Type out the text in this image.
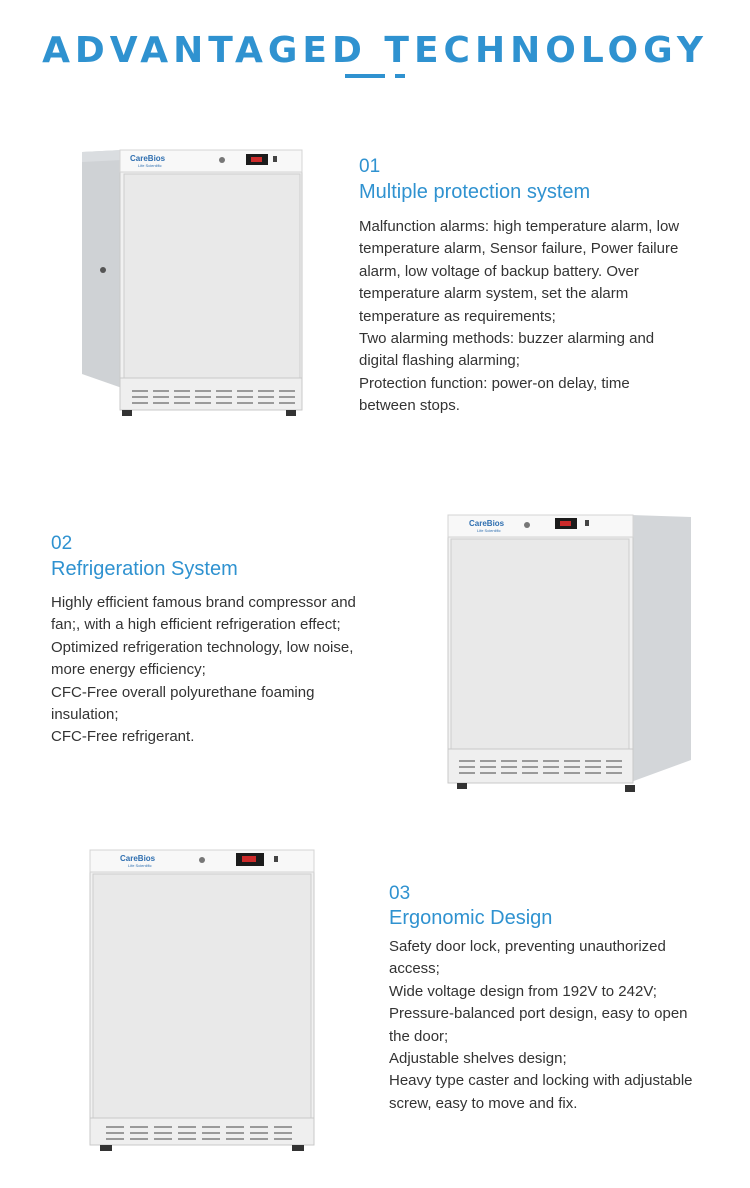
ADVANTAGED TECHNOLOGY
CareBios
Life Scientific	01
Multiple protection system
Malfunction alarms: high temperature alarm, low
temperature alarm, Sensor failure, Power failure
alarm, low voltage of backup battery. Over
temperature alarm system, set the alarm
temperature as requirements;
Two alarming methods: buzzer alarming and
digital flashing alarming;
Protection function: power-on delay, time
between stops.
02
Refrigeration System
Highly efficient famous brand compressor and
fan;, with a high efficient refrigeration effect;
Optimized refrigeration technology, low noise,
more energy efficiency;
CFC-Free overall polyurethane foaming
insulation;
CFC-Free refrigerant.
CareBios
Life Scientific
CareBios
Life Scientific
03
Ergonomic Design
Safety door lock, preventing unauthorized
access;
Wide voltage design from 192V to 242V;
Pressure-balanced port design, easy to open
the door;
Adjustable shelves design;
Heavy type caster and locking with adjustable
screw, easy to move and fix.
